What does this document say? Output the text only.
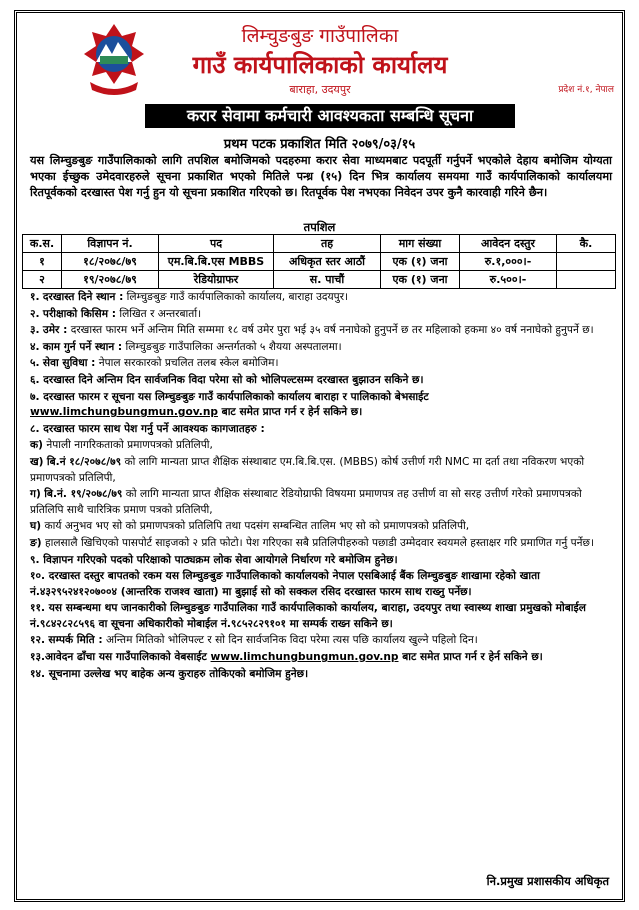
लिम्चुङबुङ गाउँपालिका
गाउँ कार्यपालिकाको कार्यालय
बाराहा, उदयपुर	प्रदेश नं.१, नेपाल
करार सेवामा कर्मचारी आवश्यकता सम्बन्धि सूचना
प्रथम पटक प्रकाशित मिति २०७९/०३/१५
यस लिम्चुङबुङ गाउँपालिकाको लागि तपशिल बमोजिमको पदहरुमा करार सेवा माध्यमबाट पदपूर्ती गर्नुपर्ने भएकोले देहाय बमोजिम योग्यता भएका ईच्छुक उमेदवारहरुले सूचना प्रकाशित भएको मितिले पन्ध्र (१५) दिन भित्र कार्यालय समयमा गाउँ कार्यपालिकाको कार्यालयमा रितपूर्वकको दरखास्त पेश गर्नु हुन यो सूचना प्रकाशित गरिएको छ। रितपूर्वक पेश नभएका निवेदन उपर कुनै कारवाही गरिने छैन।
तपशिल
क.स.	विज्ञापन नं.	पद	तह	माग संख्या	आवेदन दस्तुर	कै.
१	१८/२०७८/७९	एम.बि.बि.एस MBBS	अधिकृत स्तर आठौं	एक (१) जना	रु.१,०००।-	
२	१९/२०७८/७९	रेडियोग्राफर	स. पाचौं	एक (१) जना	रु.५००।-	
१. दरखास्त दिने स्थान : लिम्चुङबुङ गाउँ कार्यपालिकाको कार्यालय, बाराहा उदयपुर।
२. परीक्षाको किसिम : लिखित र अन्तरबार्ता।
३. उमेर : दरखास्त फारम भर्ने अन्तिम मिति सम्ममा १८ वर्ष उमेर पुरा भई ३५ वर्ष ननाघेको हुनुपर्ने छ तर महिलाको हकमा ४० वर्ष ननाघेको हुनुपर्ने छ।
४. काम गुर्न पर्ने स्थान : लिम्चुङबुङ गाउँपालिका अन्तर्गतको ५ शैयया अस्पतालमा।
५. सेवा सुविधा : नेपाल सरकारको प्रचलित तलब स्केल बमोजिम।
६. दरखास्त दिने अन्तिम दिन सार्वजनिक विदा परेमा सो को भोलिपल्टसम्म दरखास्त बुझाउन सकिने छ।
७. दरखास्त फारम र सूचना यस लिम्चुङबुङ गाउँ कार्यपालिकाको कार्यालय बाराहा र पालिकाको बेभसाईट www.limchungbungmun.gov.np बाट समेत प्राप्त गर्न र हेर्न सकिने छ।
८. दरखास्त फारम साथ पेश गर्नु पर्ने आवश्यक कागजातहरु :
क) नेपाली नागरिकताको प्रमाणपत्रको प्रतिलिपी,
ख) बि.नं १८/२०७८/७९ को लागि मान्यता प्राप्त शैक्षिक संस्थाबाट एम.बि.बि.एस. (MBBS) कोर्ष उत्तीर्ण गरी NMC मा दर्ता तथा नविकरण भएको प्रमाणपत्रको प्रतिलिपी,
ग) बि.नं. १९/२०७८/७९ को लागि मान्यता प्राप्त शैक्षिक संस्थाबाट रेडियोग्राफी विषयमा प्रमाणपत्र तह उत्तीर्ण वा सो सरह उत्तीर्ण गरेको प्रमाणपत्रको प्रतिलिपि साथै चारित्रिक प्रमाण पत्रको प्रतिलिपी,
घ) कार्य अनुभव भए सो को प्रमाणपत्रको प्रतिलिपि तथा पदसंग सम्बन्धित तालिम भए सो को प्रमाणपत्रको प्रतिलिपी,
ङ) हालसालै खिचिएको पासपोर्ट साइजको २ प्रति फोटो। पेश गरिएका सबै प्रतिलिपीहरुको पछाडी उम्मेदवार स्वयमले हस्ताक्षर गरि प्रमाणित गर्नु पर्नेछ।
९. विज्ञापन गरिएको पदको परिक्षाको पाठ्यक्रम लोक सेवा आयोगले निर्धारण गरे बमोजिम हुनेछ।
१०. दरखास्त दस्तुर बापतको रकम यस लिम्चुङबुङ गाउँपालिकाको कार्यालयको नेपाल एसबिआई बैंक लिम्चुङबुङ शाखामा रहेको खाता नं.४३२९५२४१२०७००४ (आन्तरिक राजश्व खाता) मा बुझाई सो को सक्कल रसिद दरखास्त फारम साथ राख्नु पर्नेछ।
११. यस सम्बन्धमा थप जानकारीको लिम्चुङबुङ गाउँपालिका गाउँ कार्यपालिकाको कार्यालय, बाराहा, उदयपुर तथा स्वास्थ्य शाखा प्रमुखको मोबाईल नं.९८४२८२८५९६ वा सूचना अधिकारीको मोबाईल नं.९८५२८२९१०१ मा सम्पर्क राख्न सकिने छ।
१२. सम्पर्क मिति : अन्तिम मितिको भोलिपल्ट र सो दिन सार्वजनिक विदा परेमा त्यस पछि कार्यालय खुल्ने पहिलो दिन।
१३.आवेदन ढाँचा यस गाउँपालिकाको वेबसाईट www.limchungbungmun.gov.np बाट समेत प्राप्त गर्न र हेर्न सकिने छ।
१४. सूचनामा उल्लेख भए बाहेक अन्य कुराहरु तोकिएको बमोजिम हुनेछ।
नि.प्रमुख प्रशासकीय अधिकृत
